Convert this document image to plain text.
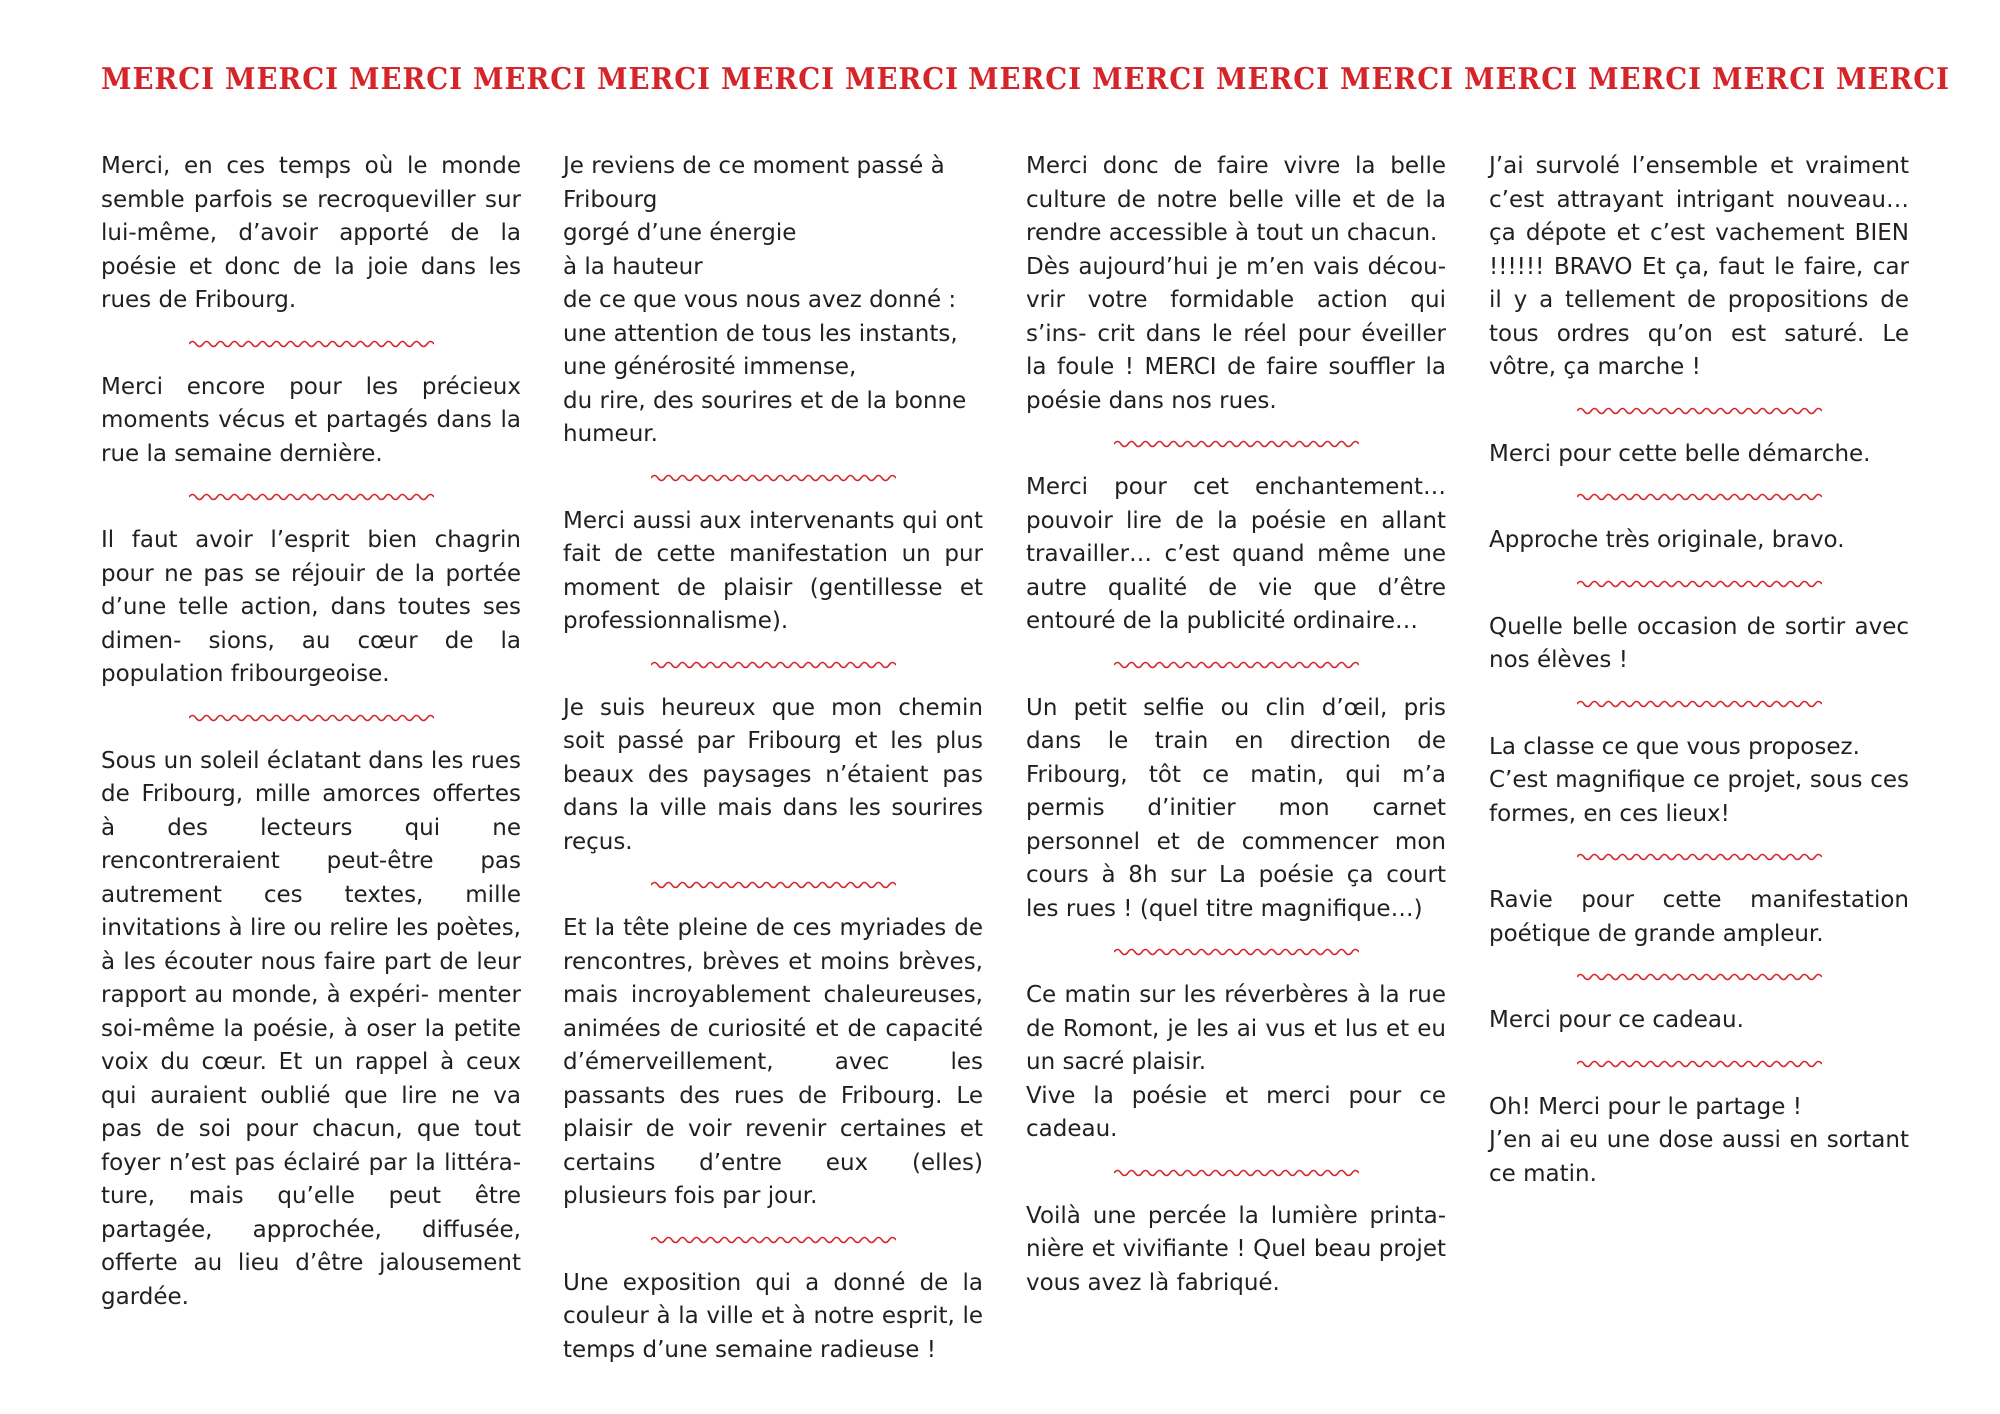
MERCI MERCI MERCI MERCI MERCI MERCI MERCI MERCI MERCI MERCI MERCI MERCI MERCI MERCI MERCI

Merci, en ces temps où le monde semble parfois se recroqueviller sur lui-même, d’avoir apporté de la poésie et donc de la joie dans les rues de Fribourg.

Merci encore pour les précieux moments vécus et partagés dans la rue la semaine dernière.

Il faut avoir l’esprit bien chagrin pour ne pas se réjouir de la portée d’une telle action, dans toutes ses dimen- sions, au cœur de la population fribourgeoise.

Sous un soleil éclatant dans les rues de Fribourg, mille amorces offertes à des lecteurs qui ne rencontreraient peut-être pas autrement ces textes, mille invitations à lire ou relire les poètes, à les écouter nous faire part de leur rapport au monde, à expéri- menter soi-même la poésie, à oser la petite voix du cœur. Et un rappel à ceux qui auraient oublié que lire ne va pas de soi pour chacun, que tout foyer n’est pas éclairé par la littéra- ture, mais qu’elle peut être partagée, approchée, diffusée, offerte au lieu d’être jalousement gardée.

Je reviens de ce moment passé à
Fribourg
gorgé d’une énergie
à la hauteur
de ce que vous nous avez donné :
une attention de tous les instants,
une générosité immense,
du rire, des sourires et de la bonne
humeur.

Merci aussi aux intervenants qui ont fait de cette manifestation un pur moment de plaisir (gentillesse et professionnalisme).

Je suis heureux que mon chemin soit passé par Fribourg et les plus beaux des paysages n’étaient pas dans la ville mais dans les sourires reçus.

Et la tête pleine de ces myriades de rencontres, brèves et moins brèves, mais incroyablement chaleureuses, animées de curiosité et de capacité d’émerveillement, avec les passants des rues de Fribourg. Le plaisir de voir revenir certaines et certains d’entre eux (elles) plusieurs fois par jour.

Une exposition qui a donné de la couleur à la ville et à notre esprit, le temps d’une semaine radieuse !

Merci donc de faire vivre la belle culture de notre belle ville et de la rendre accessible à tout un chacun.
Dès aujourd’hui je m’en vais décou- vrir votre formidable action qui s’ins- crit dans le réel pour éveiller la foule ! MERCI de faire souffler la poésie dans nos rues.

Merci pour cet enchantement… pouvoir lire de la poésie en allant travailler… c’est quand même une autre qualité de vie que d’être entouré de la publicité ordinaire…

Un petit selfie ou clin d’œil, pris dans le train en direction de Fribourg, tôt ce matin, qui m’a permis d’initier mon carnet personnel et de commencer mon cours à 8h sur La poésie ça court les rues ! (quel titre magnifique…)

Ce matin sur les réverbères à la rue de Romont, je les ai vus et lus et eu un sacré plaisir.
Vive la poésie et merci pour ce cadeau.

Voilà une percée la lumière printa- nière et vivifiante ! Quel beau projet vous avez là fabriqué.

J’ai survolé l’ensemble et vraiment c’est attrayant intrigant nouveau… ça dépote et c’est vachement BIEN !!!!!! BRAVO Et ça, faut le faire, car il y a tellement de propositions de tous ordres qu’on est saturé. Le vôtre, ça marche !

Merci pour cette belle démarche.

Approche très originale, bravo.

Quelle belle occasion de sortir avec nos élèves !

La classe ce que vous proposez.
C’est magnifique ce projet, sous ces formes, en ces lieux!

Ravie pour cette manifestation poétique de grande ampleur.

Merci pour ce cadeau.

Oh! Merci pour le partage !
J’en ai eu une dose aussi en sortant ce matin.
